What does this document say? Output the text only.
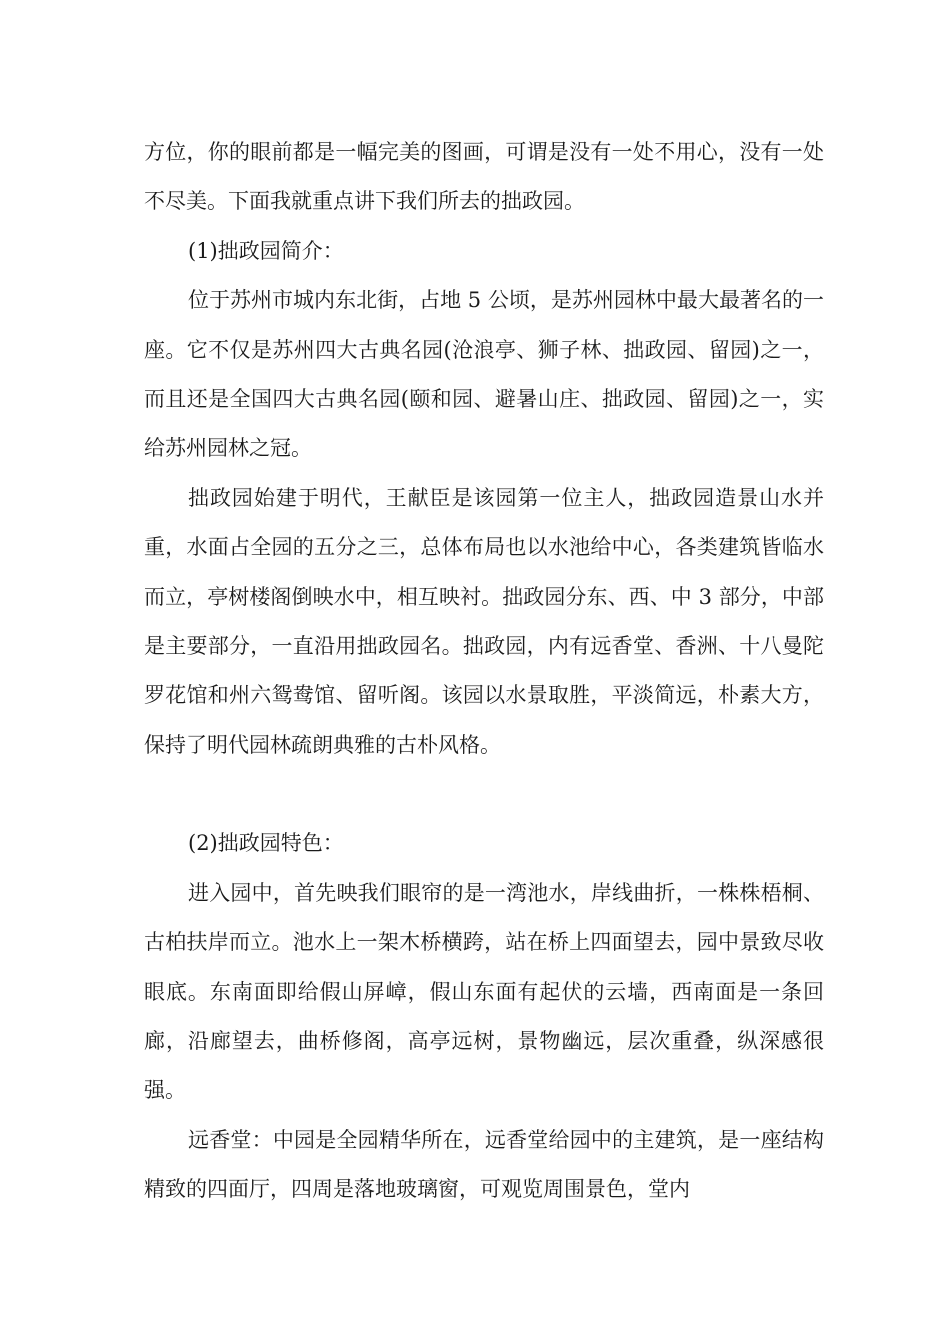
方位，你的眼前都是一幅完美的图画，可谓是没有一处不用心，没有一处不尽美。下面我就重点讲下我们所去的拙政园。

(1)拙政园简介：

位于苏州市城内东北街，占地 5 公顷，是苏州园林中最大最著名的一座。它不仅是苏州四大古典名园(沧浪亭、狮子林、拙政园、留园)之一，而且还是全国四大古典名园(颐和园、避暑山庄、拙政园、留园)之一，实给苏州园林之冠。

拙政园始建于明代，王献臣是该园第一位主人，拙政园造景山水并重，水面占全园的五分之三，总体布局也以水池给中心，各类建筑皆临水而立，亭树楼阁倒映水中，相互映衬。拙政园分东、西、中 3 部分，中部是主要部分，一直沿用拙政园名。拙政园，内有远香堂、香洲、十八曼陀罗花馆和州六鸳鸯馆、留听阁。该园以水景取胜，平淡简远，朴素大方，保持了明代园林疏朗典雅的古朴风格。

(2)拙政园特色：

进入园中，首先映我们眼帘的是一湾池水，岸线曲折，一株株梧桐、古柏扶岸而立。池水上一架木桥横跨，站在桥上四面望去，园中景致尽收眼底。东南面即给假山屏嶂，假山东面有起伏的云墙，西南面是一条回廊，沿廊望去，曲桥修阁，高亭远树，景物幽远，层次重叠，纵深感很强。

远香堂：中园是全园精华所在，远香堂给园中的主建筑，是一座结构精致的四面厅，四周是落地玻璃窗，可观览周围景色，堂内
